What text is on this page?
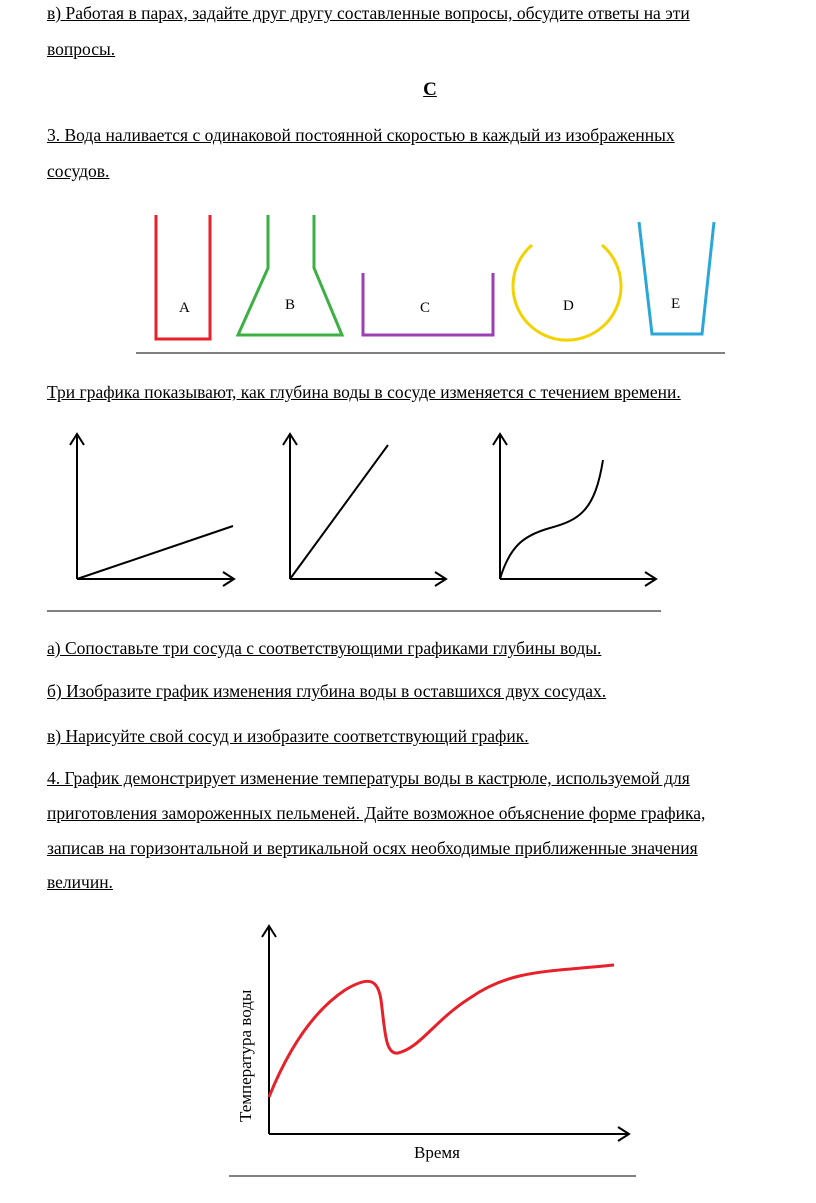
в) Работая в парах, задайте друг другу составленные вопросы, обсудите ответы на эти
вопросы.
С
3. Вода наливается с одинаковой постоянной скоростью в каждый из изображенных
сосудов.
A	B	C	D	E
Температура воды
Время
Три графика показывают, как глубина воды в сосуде изменяется с течением времени.
а) Сопоставьте три сосуда с соответствующими графиками глубины воды.
б) Изобразите график изменения глубина воды в оставшихся двух сосудах.
в) Нарисуйте свой сосуд и изобразите соответствующий график.
4. График демонстрирует изменение температуры воды в кастрюле, используемой для
приготовления замороженных пельменей. Дайте возможное объяснение форме графика,
записав на горизонтальной и вертикальной осях необходимые приближенные значения
величин.
